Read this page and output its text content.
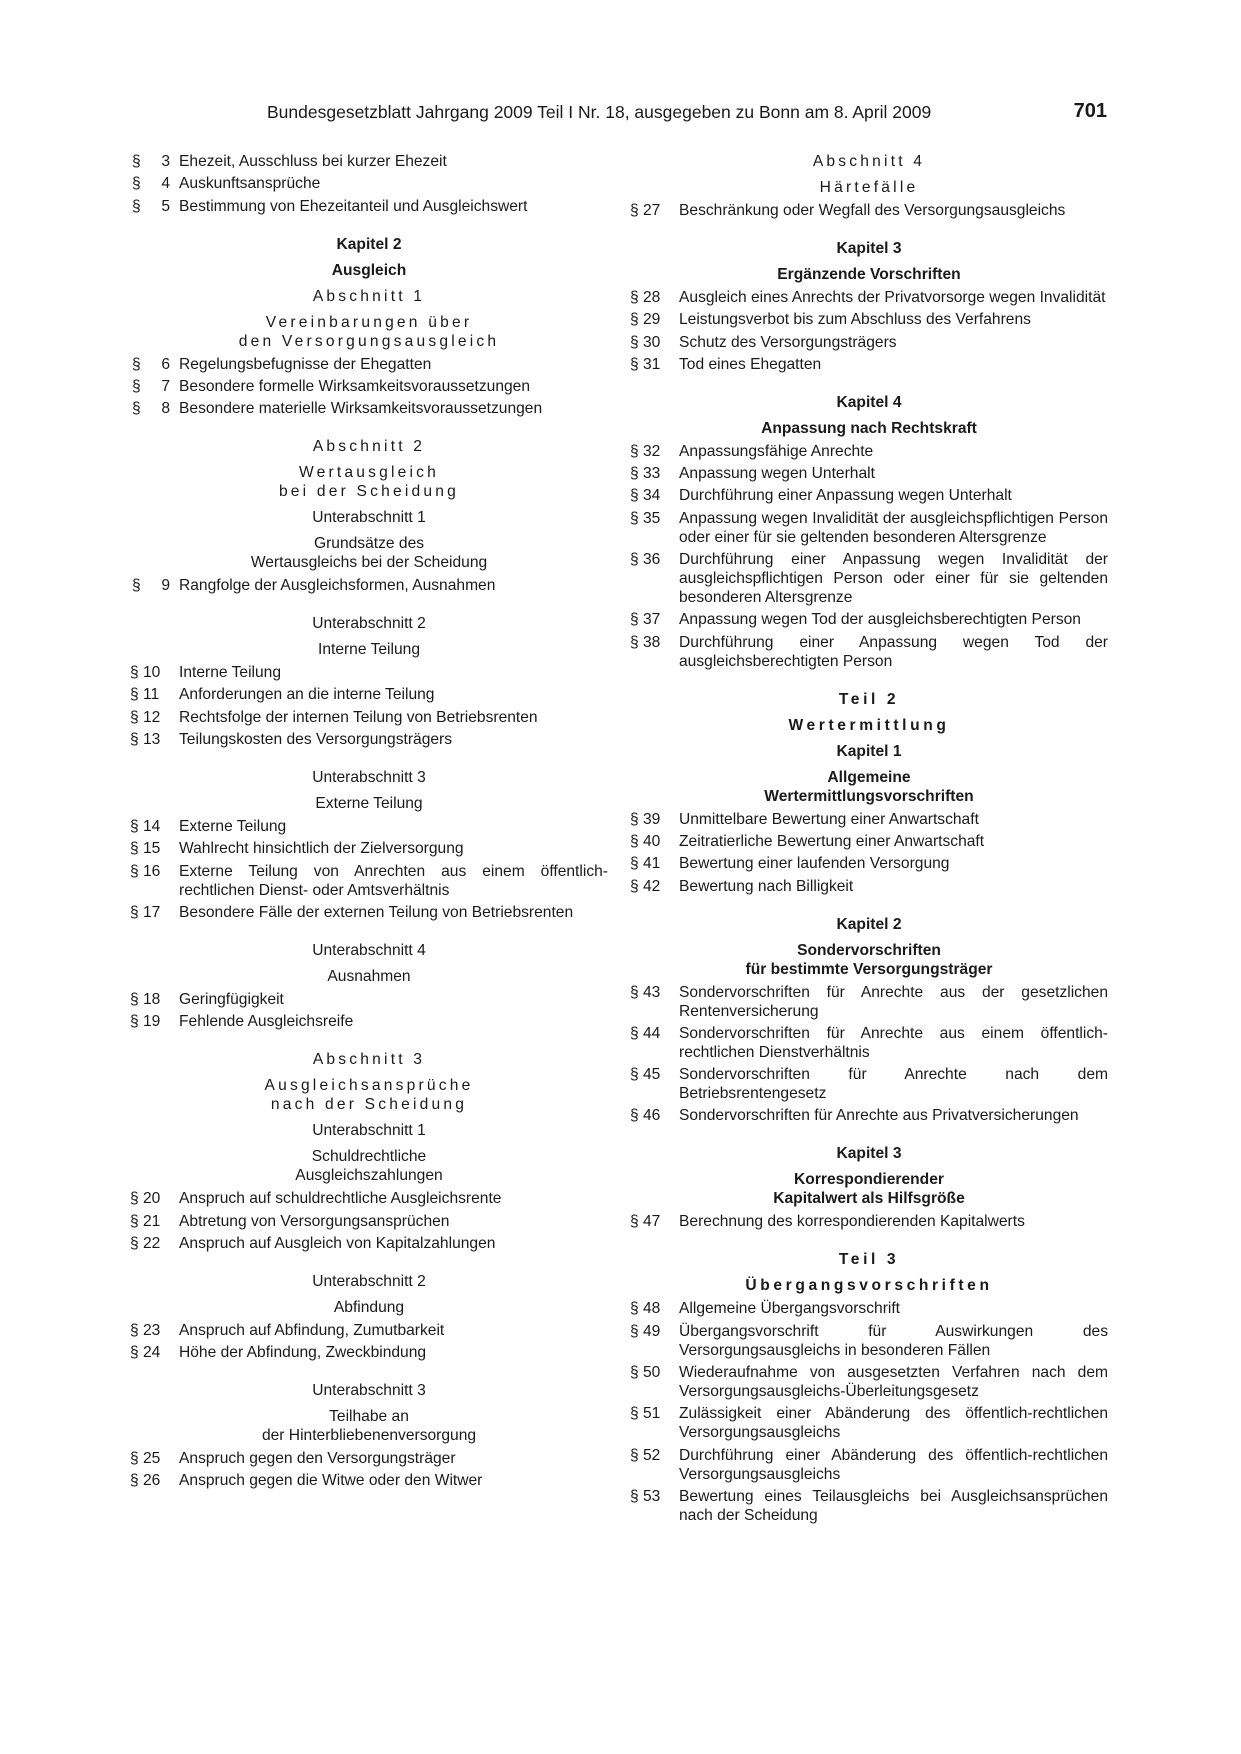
Bundesgesetzblatt Jahrgang 2009 Teil I Nr. 18, ausgegeben zu Bonn am 8. April 2009	701
§	3 Ehezeit, Ausschluss bei kurzer Ehezeit
§	4 Auskunftsansprüche
§	5 Bestimmung von Ehezeitanteil und Ausgleichswert
Kapitel 2
Ausgleich
Abschnitt 1
Vereinbarungen über
den Versorgungsausgleich
§	6 Regelungsbefugnisse der Ehegatten
§	7 Besondere formelle Wirksamkeitsvoraussetzungen
§	8 Besondere materielle Wirksamkeitsvoraussetzungen
Abschnitt 2
Wertausgleich
bei der Scheidung
Unterabschnitt 1
Grundsätze des
Wertausgleichs bei der Scheidung
§	9 Rangfolge der Ausgleichsformen, Ausnahmen
Unterabschnitt 2
Interne Teilung
§ 10	Interne Teilung
§ 11	Anforderungen an die interne Teilung
§ 12	Rechtsfolge der internen Teilung von Betriebsrenten
§ 13	Teilungskosten des Versorgungsträgers
Unterabschnitt 3
Externe Teilung
§ 14	Externe Teilung
§ 15	Wahlrecht hinsichtlich der Zielversorgung
§ 16	Externe Teilung von Anrechten aus einem öffentlich-rechtlichen Dienst- oder Amtsverhältnis
§ 17	Besondere Fälle der externen Teilung von Betriebsrenten
Unterabschnitt 4
Ausnahmen
§ 18	Geringfügigkeit
§ 19	Fehlende Ausgleichsreife
Abschnitt 3
Ausgleichsansprüche
nach der Scheidung
Unterabschnitt 1
Schuldrechtliche
Ausgleichszahlungen
§ 20	Anspruch auf schuldrechtliche Ausgleichsrente
§ 21	Abtretung von Versorgungsansprüchen
§ 22	Anspruch auf Ausgleich von Kapitalzahlungen
Unterabschnitt 2
Abfindung
§ 23	Anspruch auf Abfindung, Zumutbarkeit
§ 24	Höhe der Abfindung, Zweckbindung
Unterabschnitt 3
Teilhabe an
der Hinterbliebenenversorgung
§ 25	Anspruch gegen den Versorgungsträger
§ 26	Anspruch gegen die Witwe oder den Witwer
Abschnitt 4
Härtefälle
§ 27	Beschränkung oder Wegfall des Versorgungsausgleichs
Kapitel 3
Ergänzende Vorschriften
§ 28	Ausgleich eines Anrechts der Privatvorsorge wegen Invalidität
§ 29	Leistungsverbot bis zum Abschluss des Verfahrens
§ 30	Schutz des Versorgungsträgers
§ 31	Tod eines Ehegatten
Kapitel 4
Anpassung nach Rechtskraft
§ 32	Anpassungsfähige Anrechte
§ 33	Anpassung wegen Unterhalt
§ 34	Durchführung einer Anpassung wegen Unterhalt
§ 35	Anpassung wegen Invalidität der ausgleichspflichtigen Person oder einer für sie geltenden besonderen Altersgrenze
§ 36	Durchführung einer Anpassung wegen Invalidität der ausgleichspflichtigen Person oder einer für sie geltenden besonderen Altersgrenze
§ 37	Anpassung wegen Tod der ausgleichsberechtigten Person
§ 38	Durchführung einer Anpassung wegen Tod der ausgleichsberechtigten Person
Teil 2
Wertermittlung
Kapitel 1
Allgemeine
Wertermittlungsvorschriften
§ 39	Unmittelbare Bewertung einer Anwartschaft
§ 40	Zeitratierliche Bewertung einer Anwartschaft
§ 41	Bewertung einer laufenden Versorgung
§ 42	Bewertung nach Billigkeit
Kapitel 2
Sondervorschriften
für bestimmte Versorgungsträger
§ 43	Sondervorschriften für Anrechte aus der gesetzlichen Rentenversicherung
§ 44	Sondervorschriften für Anrechte aus einem öffentlich-rechtlichen Dienstverhältnis
§ 45	Sondervorschriften für Anrechte nach dem Betriebsrentengesetz
§ 46	Sondervorschriften für Anrechte aus Privatversicherungen
Kapitel 3
Korrespondierender
Kapitalwert als Hilfsgröße
§ 47	Berechnung des korrespondierenden Kapitalwerts
Teil 3
Übergangsvorschriften
§ 48	Allgemeine Übergangsvorschrift
§ 49	Übergangsvorschrift für Auswirkungen des Versorgungsausgleichs in besonderen Fällen
§ 50	Wiederaufnahme von ausgesetzten Verfahren nach dem Versorgungsausgleichs-Überleitungsgesetz
§ 51	Zulässigkeit einer Abänderung des öffentlich-rechtlichen Versorgungsausgleichs
§ 52	Durchführung einer Abänderung des öffentlich-rechtlichen Versorgungsausgleichs
§ 53	Bewertung eines Teilausgleichs bei Ausgleichsansprüchen nach der Scheidung
